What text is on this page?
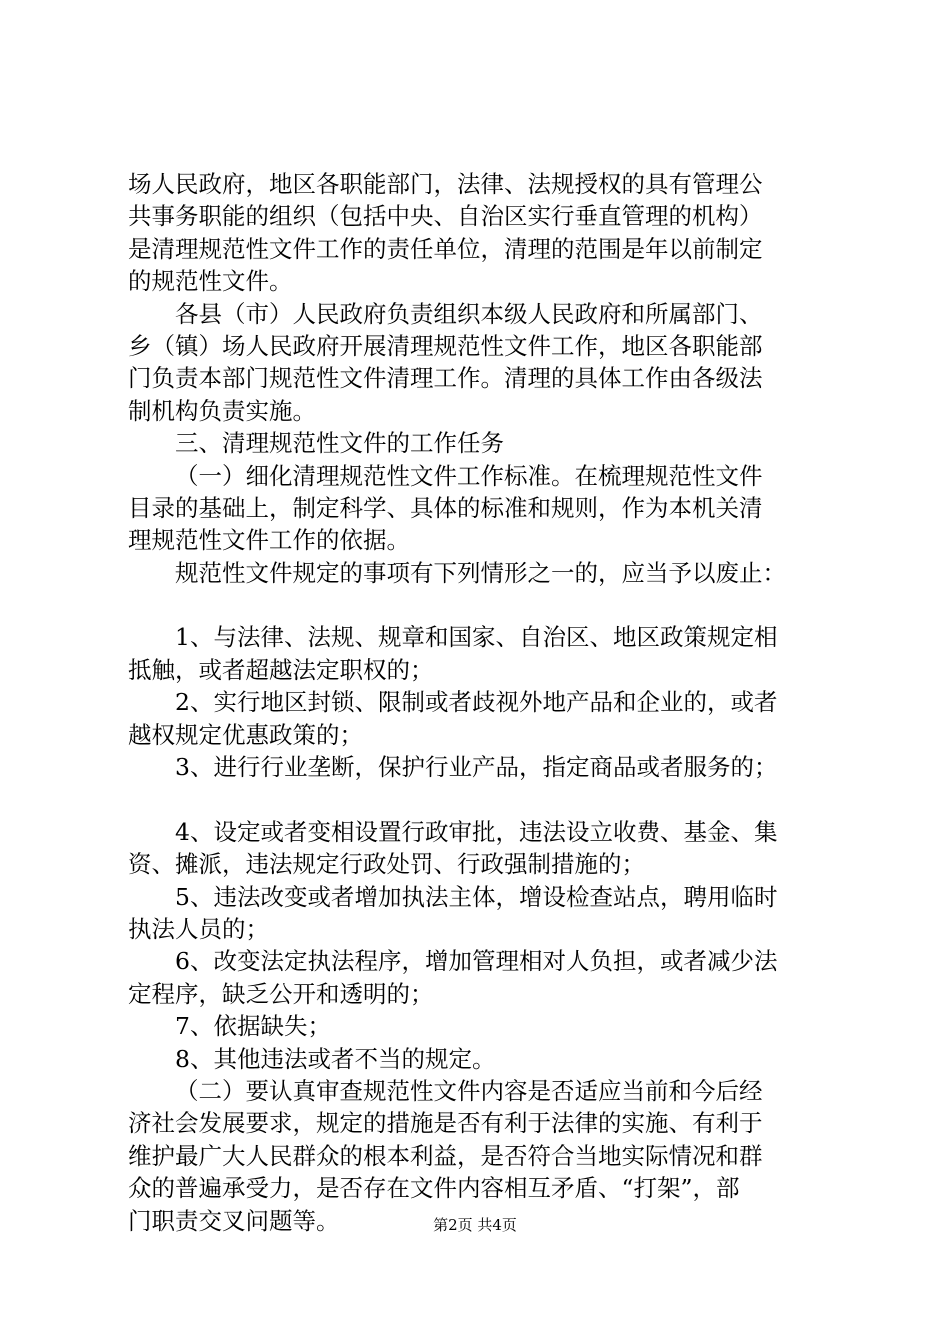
场人民政府，地区各职能部门，法律、法规授权的具有管理公
共事务职能的组织（包括中央、自治区实行垂直管理的机构）
是清理规范性文件工作的责任单位，清理的范围是年以前制定
的规范性文件。
各县（市）人民政府负责组织本级人民政府和所属部门、
乡（镇）场人民政府开展清理规范性文件工作，地区各职能部
门负责本部门规范性文件清理工作。清理的具体工作由各级法
制机构负责实施。
三、清理规范性文件的工作任务
（一）细化清理规范性文件工作标准。在梳理规范性文件
目录的基础上，制定科学、具体的标准和规则，作为本机关清
理规范性文件工作的依据。
规范性文件规定的事项有下列情形之一的，应当予以废止：
1、与法律、法规、规章和国家、自治区、地区政策规定相
抵触，或者超越法定职权的；
2、实行地区封锁、限制或者歧视外地产品和企业的，或者
越权规定优惠政策的；
3、进行行业垄断，保护行业产品，指定商品或者服务的；
4、设定或者变相设置行政审批，违法设立收费、基金、集
资、摊派，违法规定行政处罚、行政强制措施的；
5、违法改变或者增加执法主体，增设检查站点，聘用临时
执法人员的；
6、改变法定执法程序，增加管理相对人负担，或者减少法
定程序，缺乏公开和透明的；
7、依据缺失；
8、其他违法或者不当的规定。
（二）要认真审查规范性文件内容是否适应当前和今后经
济社会发展要求，规定的措施是否有利于法律的实施、有利于
维护最广大人民群众的根本利益，是否符合当地实际情况和群
众的普遍承受力，是否存在文件内容相互矛盾、“打架”，部
门职责交叉问题等。	第2页 共4页
